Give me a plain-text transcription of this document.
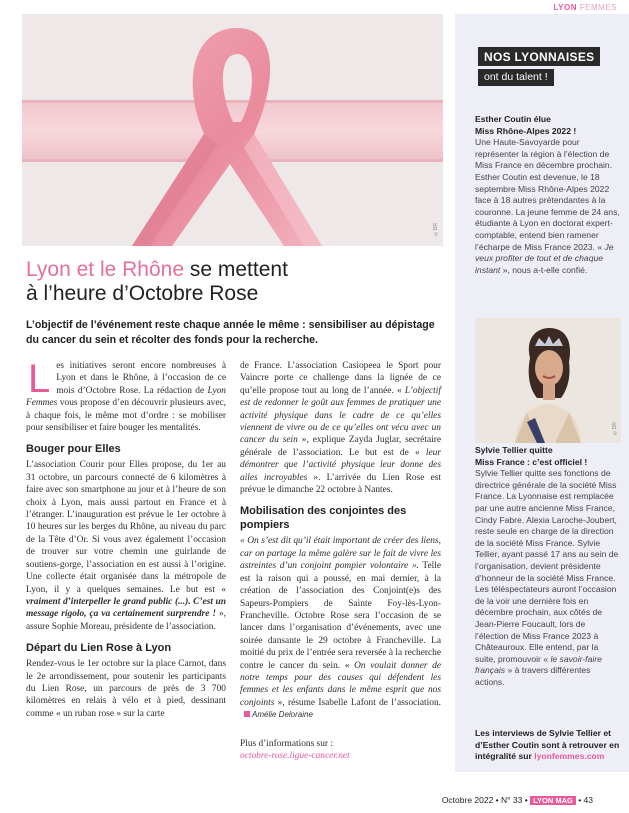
LYON FEMMES
©DR
Lyon et le Rhône se mettent
à l’heure d’Octobre Rose
L’objectif de l’événement reste chaque année le même : sensibiliser au dépistage du cancer du sein et récolter des fonds pour la recherche.

Les initiatives seront encore nombreuses à Lyon et dans le Rhône, à l’occasion de ce mois d’Octobre Rose. La rédaction de Lyon Femmes vous propose d’en découvrir plusieurs avec, à chaque fois, le même mot d’ordre : se mobiliser pour sensibiliser et faire bouger les mentalités.

Bouger pour Elles

L’association Courir pour Elles propose, du 1er au 31 octobre, un parcours connecté de 6 kilomètres à faire avec son smartphone au jour et à l’heure de son choix à Lyon, mais aussi partout en France et à l’étranger. L’inauguration est prévue le 1er octobre à 10 heures sur les berges du Rhône, au niveau du parc de la Tête d’Or. Si vous avez également l’occasion de trouver sur votre chemin une guirlande de soutiens-gorge, l’association en est aussi à l’origine. Une collecte était organisée dans la métropole de Lyon, il y a quelques semaines. Le but est « vraiment d’interpeller le grand public (...). C’est un message rigolo, ça va certainement surprendre ! », assure Sophie Moreau, présidente de l’association.

Départ du Lien Rose à Lyon

Rendez-vous le 1er octobre sur la place Carnot, dans le 2e arrondissement, pour soutenir les participants du Lien Rose, un parcours de près de 3 700 kilomètres en relais à vélo et à pied, dessinant comme « un ruban rose » sur la carte

de France. L’association Casiopeea le Sport pour Vaincre porte ce challenge dans la lignée de ce qu’elle propose tout au long de l’année. « L’objectif est de redonner le goût aux femmes de pratiquer une activité physique dans le cadre de ce qu’elles viennent de vivre ou de ce qu’elles ont vécu avec un cancer du sein », explique Zayda Juglar, secrétaire générale de l’association. Le but est de « leur démontrer que l’activité physique leur donne des ailes incroyables ». L’arrivée du Lien Rose est prévue le dimanche 22 octobre à Nantes.

Mobilisation des conjointes des pompiers

« On s’est dit qu’il était important de créer des liens, car on partage la même galère sur le fait de vivre les astreintes d’un conjoint pompier volontaire ». Telle est la raison qui a poussé, en mai dernier, à la création de l’association des Conjoint(e)s des Sapeurs-Pompiers de Sainte Foy-lès-Lyon-Francheville. Octobre Rose sera l’occasion de se lancer dans l’organisation d’événements, avec une soirée dansante le 29 octobre à Francheville. La moitié du prix de l’entrée sera reversée à la recherche contre le cancer du sein. « On voulait donner de notre temps pour des causes qui défendent les femmes et les enfants dans le même esprit que nos conjoints », résume Isabelle Lafont de l’association.Amélie Deloraine

Plus d’informations sur :

octobre-rose.ligue-cancer.net

NOS LYONNAISES
ont du talent !
Esther Coutin élue
Miss Rhône-Alpes 2022 !
Une Haute-Savoyarde pour représenter la région à l’élection de Miss France en décembre prochain. Esther Coutin est devenue, le 18 septembre Miss Rhône-Alpes 2022 face à 18 autres prétendantes à la couronne. La jeune femme de 24 ans, étudiante à Lyon en doctorat expert-comptable, entend bien ramener l’écharpe de Miss France 2023. « Je veux profiter de tout et de chaque instant », nous a-t-elle confié.
©DR
Sylvie Tellier quitte
Miss France : c’est officiel !
Sylvie Tellier quitte ses fonctions de directrice générale de la société Miss France. La Lyonnaise est remplacée par une autre ancienne Miss France, Cindy Fabre. Alexia Laroche-Joubert, reste seule en charge de la direction de la société Miss France. Sylvie Tellier, ayant passé 17 ans au sein de l’organisation, devient présidente d’honneur de la société Miss France. Les téléspectateurs auront l’occasion de la voir une dernière fois en décembre prochain, aux côtés de Jean-Pierre Foucault, lors de l’élection de Miss France 2023 à Châteauroux. Elle entend, par la suite, promouvoir « le savoir-faire français » à travers différentes actions.
Les interviews de Sylvie Tellier et d’Esther Coutin sont à retrouver en intégralité sur lyonfemmes.com
Octobre 2022 • N° 33 • LYON MAG • 43
